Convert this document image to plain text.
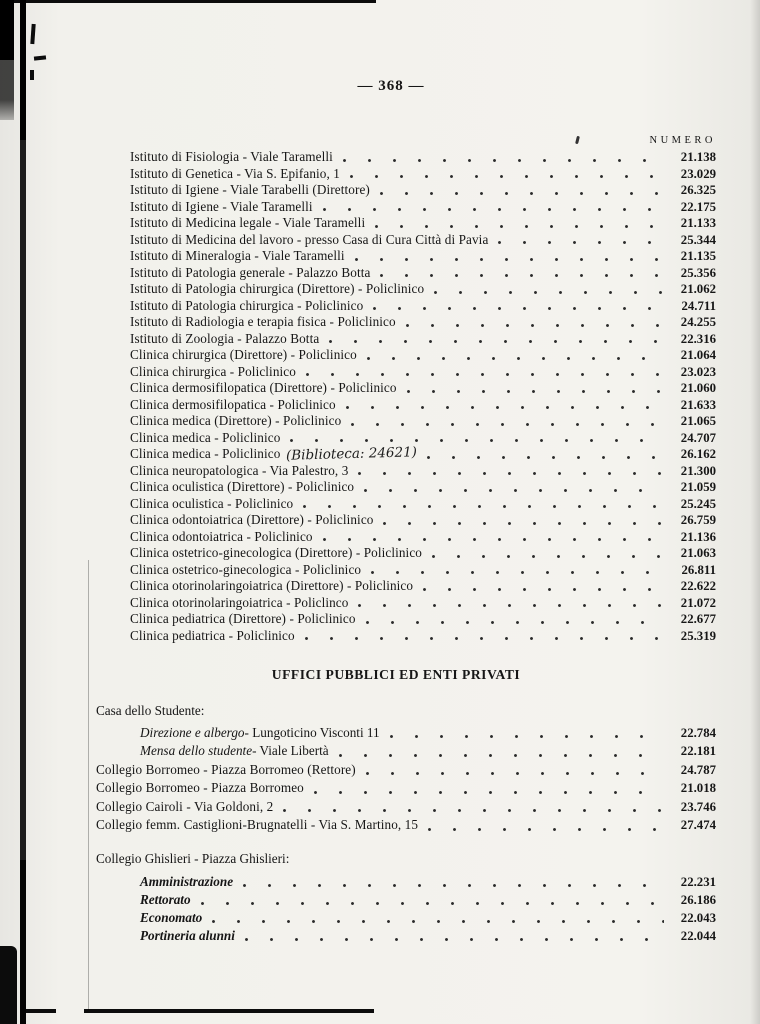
— 368 —
NUMERO
Istituto di Fisiologia - Viale Taramelli	21.138
Istituto di Genetica - Via S. Epifanio, 1	23.029
Istituto di Igiene - Viale Tarabelli (Direttore)	26.325
Istituto di Igiene - Viale Taramelli	22.175
Istituto di Medicina legale - Viale Taramelli	21.133
Istituto di Medicina del lavoro - presso Casa di Cura Città di Pavia	25.344
Istituto di Mineralogia - Viale Taramelli	21.135
Istituto di Patologia generale - Palazzo Botta	25.356
Istituto di Patologia chirurgica (Direttore) - Policlinico	21.062
Istituto di Patologia chirurgica - Policlinico	24.711
Istituto di Radiologia e terapia fisica - Policlinico	24.255
Istituto di Zoologia - Palazzo Botta	22.316
Clinica chirurgica (Direttore) - Policlinico	21.064
Clinica chirurgica - Policlinico	23.023
Clinica dermosifilopatica (Direttore) - Policlinico	21.060
Clinica dermosifilopatica - Policlinico	21.633
Clinica medica (Direttore) - Policlinico	21.065
Clinica medica - Policlinico	24.707
Clinica medica - Policlinico (Biblioteca: 24621)	26.162
Clinica neuropatologica - Via Palestro, 3	21.300
Clinica oculistica (Direttore) - Policlinico	21.059
Clinica oculistica - Policlinico	25.245
Clinica odontoiatrica (Direttore) - Policlinico	26.759
Clinica odontoiatrica - Policlinico	21.136
Clinica ostetrico-ginecologica (Direttore) - Policlinico	21.063
Clinica ostetrico-ginecologica - Policlinico	26.811
Clinica otorinolaringoiatrica (Direttore) - Policlinico	22.622
Clinica otorinolaringoiatrica - Policlinco	21.072
Clinica pediatrica (Direttore) - Policlinico	22.677
Clinica pediatrica - Policlinico	25.319
UFFICI PUBBLICI ED ENTI PRIVATI
Casa dello Studente:
Direzione e albergo - Lungoticino Visconti 11	22.784
Mensa dello studente - Viale Libertà	22.181
Collegio Borromeo - Piazza Borromeo (Rettore)	24.787
Collegio Borromeo - Piazza Borromeo	21.018
Collegio Cairoli - Via Goldoni, 2	23.746
Collegio femm. Castiglioni-Brugnatelli - Via S. Martino, 15	27.474
Collegio Ghislieri - Piazza Ghislieri:
Amministrazione	22.231
Rettorato	26.186
Economato	22.043
Portineria alunni	22.044
